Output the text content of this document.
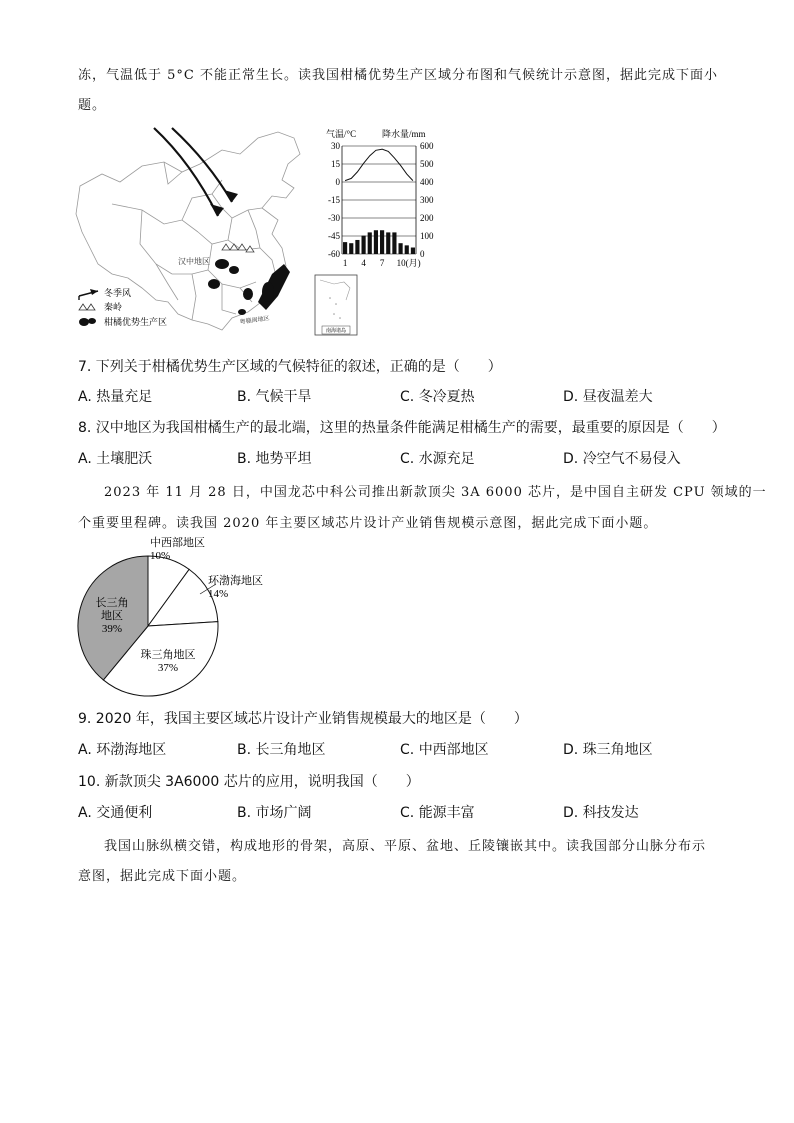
冻，气温低于 5°C 不能正常生长。读我国柑橘优势生产区域分布图和气候统计示意图，据此完成下面小
题。
汉中地区
粤赣闽地区
冬季风
秦岭
柑橘优势生产区
气温/°C	降水量/mm
30
15
0
-15
-30
-45
-60
600
500
400
300
200
100
0
1 4 7 10(月)
南海诸岛
7. 下列关于柑橘优势生产区域的气候特征的叙述，正确的是（　　）
A. 热量充足	B. 气候干旱	C. 冬冷夏热	D. 昼夜温差大
8. 汉中地区为我国柑橘生产的最北端，这里的热量条件能满足柑橘生产的需要，最重要的原因是（　　）
A. 土壤肥沃	B. 地势平坦	C. 水源充足	D. 冷空气不易侵入
2023 年 11 月 28 日，中国龙芯中科公司推出新款顶尖 3A 6000 芯片，是中国自主研发 CPU 领域的一
个重要里程碑。读我国 2020 年主要区域芯片设计产业销售规模示意图，据此完成下面小题。
中西部地区
10%
环渤海地区
14%
珠三角地区
37%
长三角
地区
39%
9. 2020 年，我国主要区域芯片设计产业销售规模最大的地区是（　　）
A. 环渤海地区	B. 长三角地区	C. 中西部地区	D. 珠三角地区
10. 新款顶尖 3A6000 芯片的应用，说明我国（　　）
A. 交通便利	B. 市场广阔	C. 能源丰富	D. 科技发达
我国山脉纵横交错，构成地形的骨架，高原、平原、盆地、丘陵镶嵌其中。读我国部分山脉分布示
意图，据此完成下面小题。
